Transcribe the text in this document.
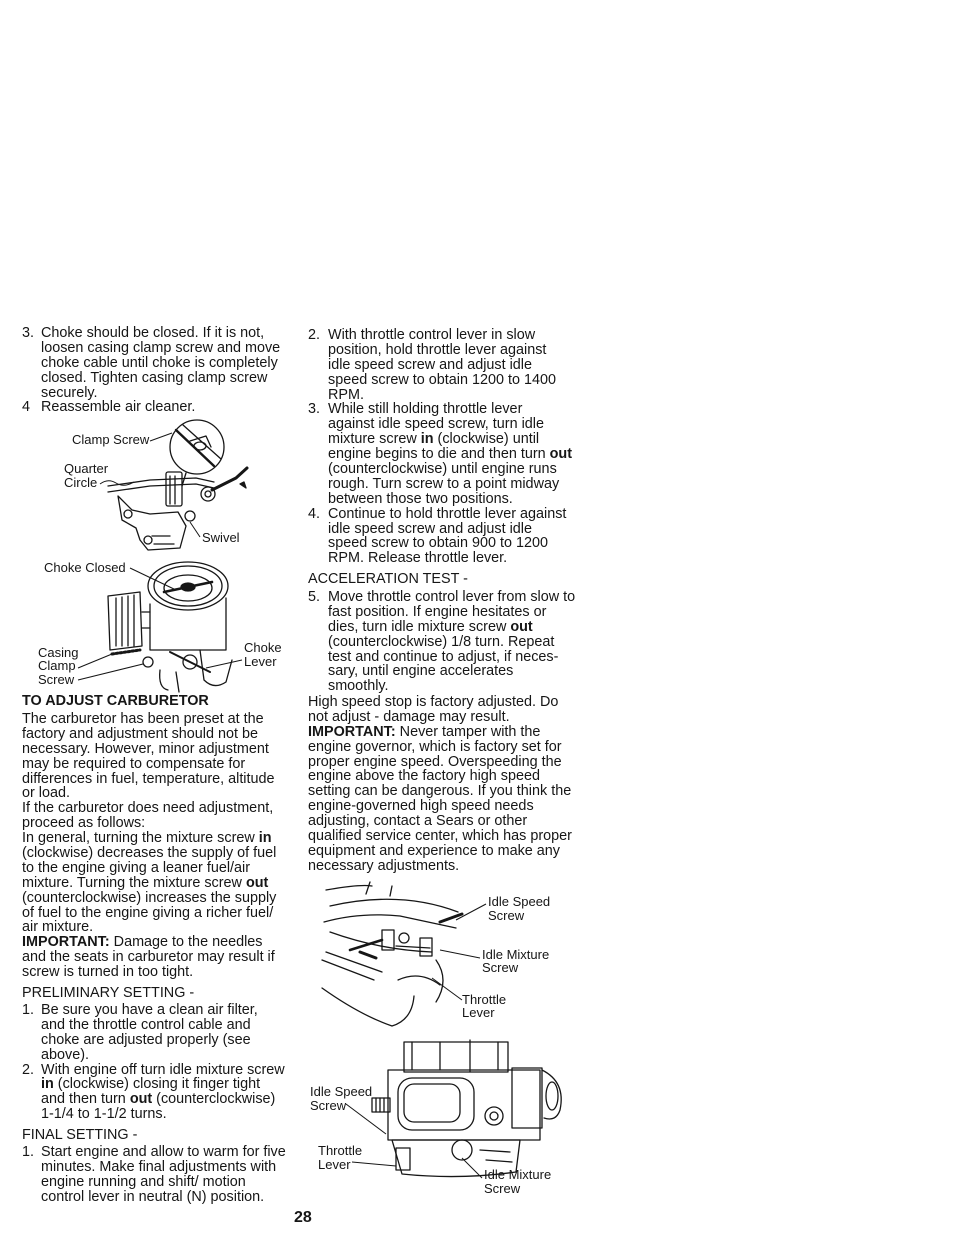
3. Choke should be closed. If it is not,
loosen casing clamp screw and move
choke cable until choke is completely
closed. Tighten casing clamp screw
securely.
4 Reassemble air cleaner.
Clamp Screw
Quarter
Circle
Swivel
Choke Closed
Casing
Clamp
Screw
Choke
Lever
TO ADJUST CARBURETOR
The carburetor has been preset at the
factory and adjustment should not be
necessary. However, minor adjustment
may be required to compensate for
differences in fuel, temperature, altitude
or load.
If the carburetor does need adjustment,
proceed as follows:
In general, turning the mixture screw in
(clockwise) decreases the supply of fuel
to the engine giving a leaner fuel/air
mixture. Turning the mixture screw out
(counterclockwise) increases the supply
of fuel to the engine giving a richer fuel/
air mixture.
IMPORTANT: Damage to the needles
and the seats in carburetor may result if
screw is turned in too tight.
PRELIMINARY SETTING -
1. Be sure you have a clean air filter,
and the throttle control cable and
choke are adjusted properly (see
above).
2. With engine off turn idle mixture screw
in (clockwise) closing it finger tight
and then turn out (counterclockwise)
1-1/4 to 1-1/2 turns.
FINAL SETTING -
1. Start engine and allow to warm for five
minutes. Make final adjustments with
engine running and shift/ motion
control lever in neutral (N) position.
28
2. With throttle control lever in slow
position, hold throttle lever against
idle speed screw and adjust idle
speed screw to obtain 1200 to 1400
RPM.
3. While still holding throttle lever
against idle speed screw, turn idle
mixture screw in (clockwise) until
engine begins to die and then turn out
(counterclockwise) until engine runs
rough. Turn screw to a point midway
between those two positions.
4. Continue to hold throttle lever against
idle speed screw and adjust idle
speed screw to obtain 900 to 1200
RPM. Release throttle lever.
ACCELERATION TEST -
5. Move throttle control lever from slow to
fast position. If engine hesitates or
dies, turn idle mixture screw out
(counterclockwise) 1/8 turn. Repeat
test and continue to adjust, if neces-
sary, until engine accelerates
smoothly.
High speed stop is factory adjusted. Do
not adjust - damage may result.
IMPORTANT: Never tamper with the
engine governor, which is factory set for
proper engine speed. Overspeeding the
engine above the factory high speed
setting can be dangerous. If you think the
engine-governed high speed needs
adjusting, contact a Sears or other
qualified service center, which has proper
equipment and experience to make any
necessary adjustments.
Idle Speed
Screw
Idle Mixture
Screw
Throttle
Lever
Idle Speed
Screw
Throttle
Lever
Idle Mixture
Screw
